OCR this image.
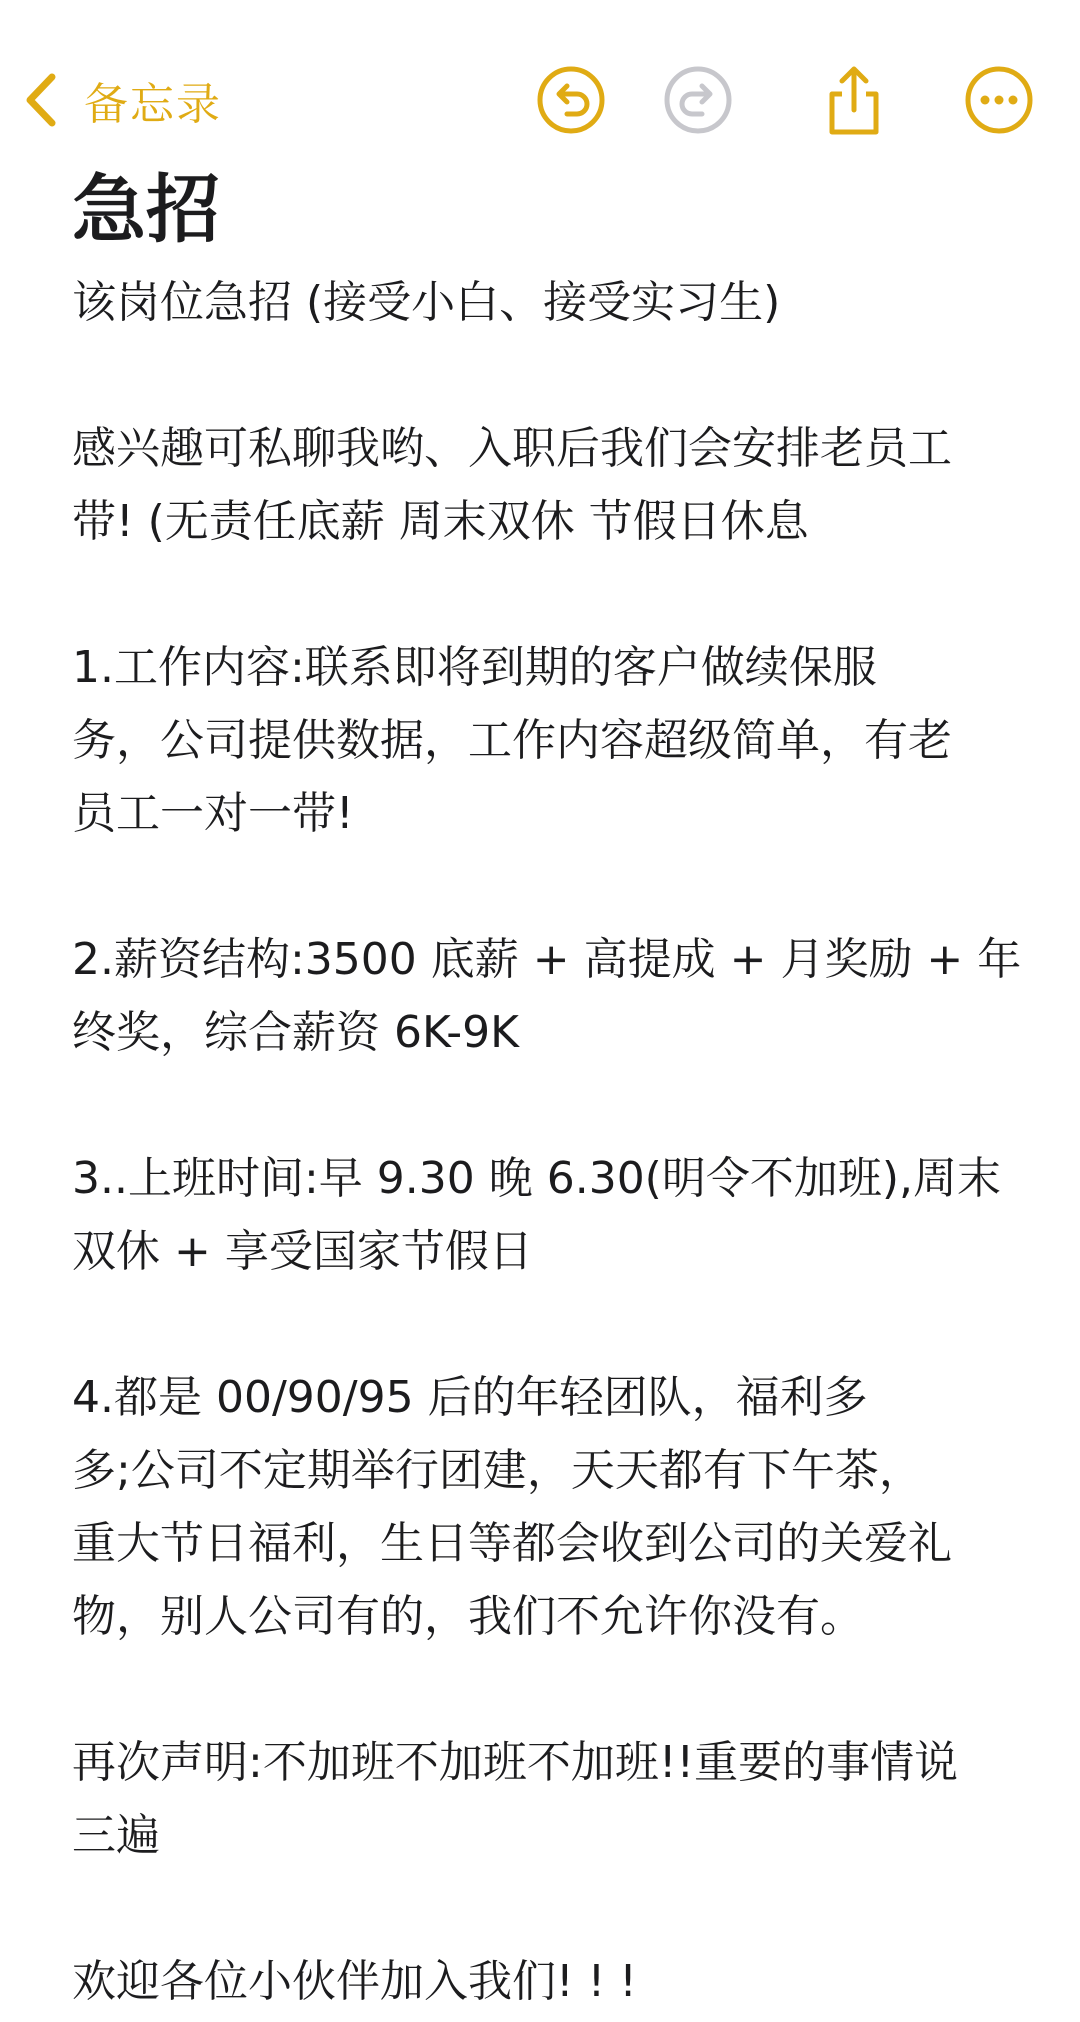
备忘录
急招
该岗位急招 (接受小白、接受实习生)
感兴趣可私聊我哟、入职后我们会安排老员工
带! (无责任底薪 周末双休 节假日休息
1.工作内容:联系即将到期的客户做续保服
务，公司提供数据，工作内容超级简单，有老
员工一对一带!
2.薪资结构:3500 底薪 + 高提成 + 月奖励 + 年
终奖，综合薪资 6K-9K
3..上班时间:早 9.30 晚 6.30(明令不加班),周末
双休 + 享受国家节假日
4.都是 00/90/95 后的年轻团队，福利多
多;公司不定期举行团建，天天都有下午茶，
重大节日福利，生日等都会收到公司的关爱礼
物，别人公司有的，我们不允许你没有。
再次声明:不加班不加班不加班!!重要的事情说
三遍
欢迎各位小伙伴加入我们! ! !
